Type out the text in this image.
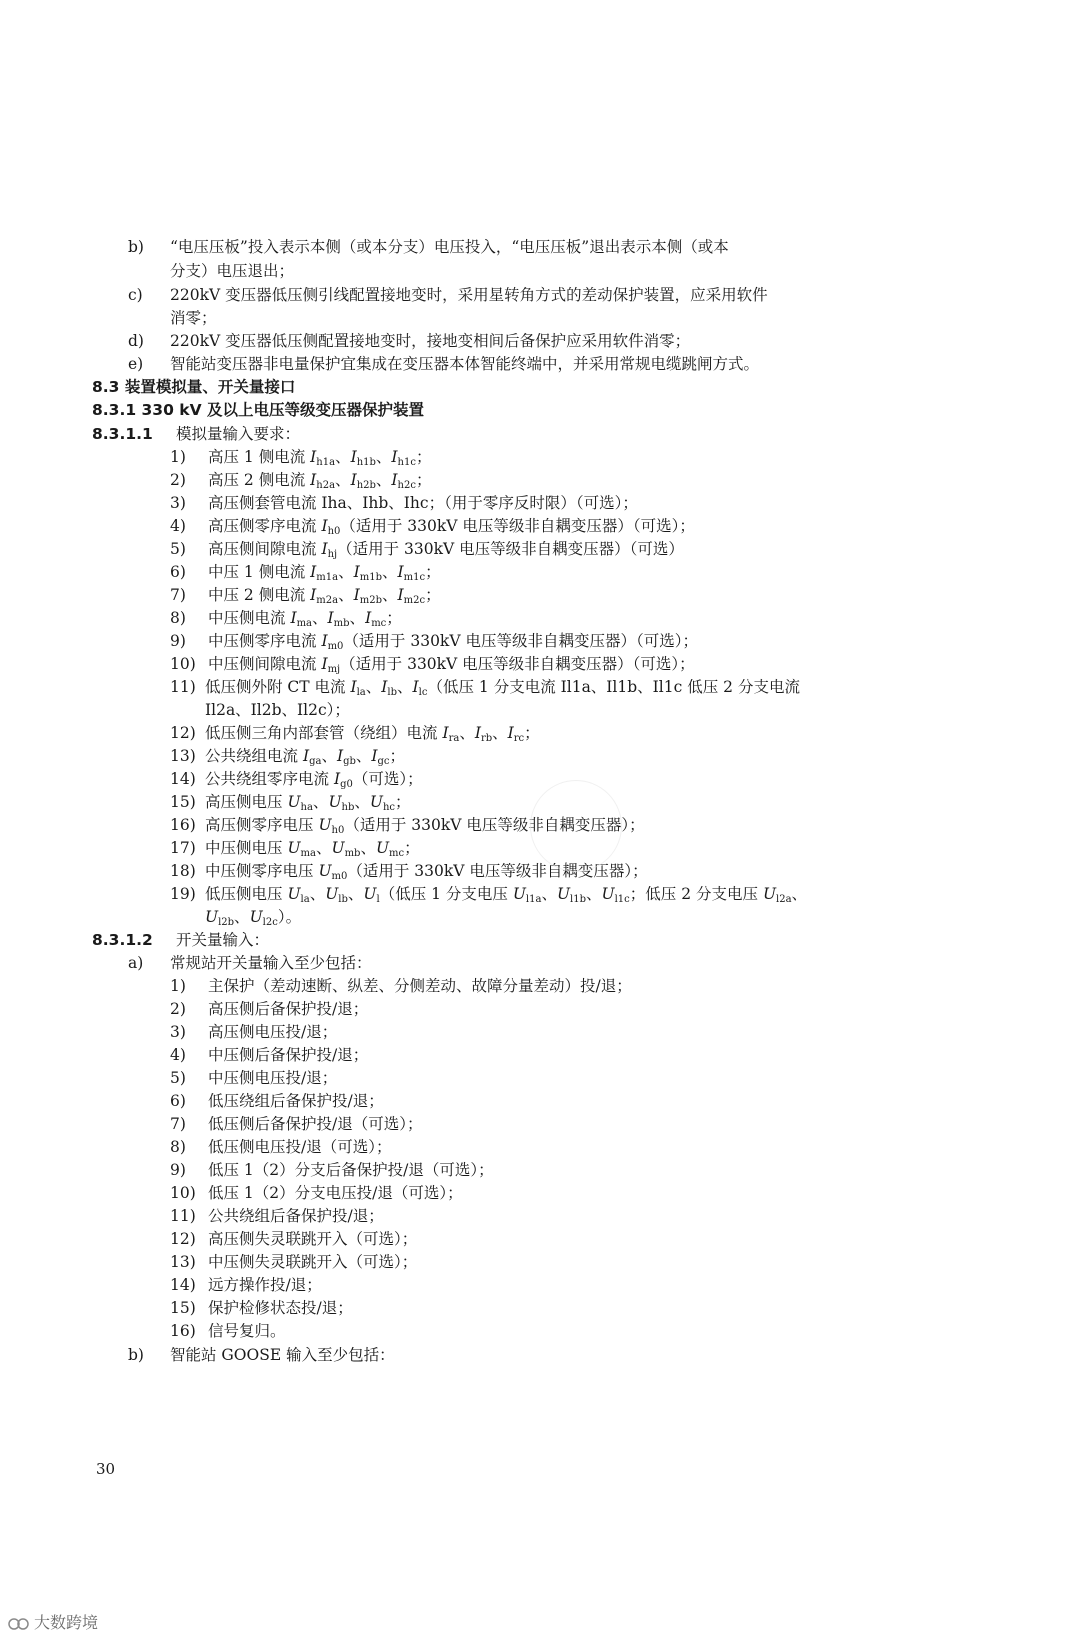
b) “电压压板”投入表示本侧（或本分支）电压投入，“电压压板”退出表示本侧（或本
分支）电压退出；
c) 220kV 变压器低压侧引线配置接地变时，采用星转角方式的差动保护装置，应采用软件
消零；
d) 220kV 变压器低压侧配置接地变时，接地变相间后备保护应采用软件消零；
e) 智能站变压器非电量保护宜集成在变压器本体智能终端中，并采用常规电缆跳闸方式。
8.3 装置模拟量、开关量接口
8.3.1 330 kV 及以上电压等级变压器保护装置
8.3.1.1 模拟量输入要求：
1) 高压 1 侧电流 $I_{h1a}$、$I_{h1b}$、$I_{h1c}$；
2) 高压 2 侧电流 $I_{h2a}$、$I_{h2b}$、$I_{h2c}$；
3) 高压侧套管电流 Iha、Ihb、Ihc；（用于零序反时限）（可选）；
4) 高压侧零序电流 $I_{h0}$（适用于 330kV 电压等级非自耦变压器）（可选）；
5) 高压侧间隙电流 $I_{hj}$（适用于 330kV 电压等级非自耦变压器）（可选）
6) 中压 1 侧电流 $I_{m1a}$、$I_{m1b}$、$I_{m1c}$；
7) 中压 2 侧电流 $I_{m2a}$、$I_{m2b}$、$I_{m2c}$；
8) 中压侧电流 $I_{ma}$、$I_{mb}$、$I_{mc}$；
9) 中压侧零序电流 $I_{m0}$（适用于 330kV 电压等级非自耦变压器）（可选）；
10) 中压侧间隙电流 $I_{mj}$（适用于 330kV 电压等级非自耦变压器）（可选）；
11) 低压侧外附 CT 电流 $I_{la}$、$I_{lb}$、$I_{lc}$（低压 1 分支电流 Il1a、Il1b、Il1c 低压 2 分支电流
Il2a、Il2b、Il2c）；
12) 低压侧三角内部套管（绕组）电流 $I_{ra}$、$I_{rb}$、$I_{rc}$；
13) 公共绕组电流 $I_{ga}$、$I_{gb}$、$I_{gc}$；
14) 公共绕组零序电流 $I_{g0}$（可选）；
15) 高压侧电压 $U_{ha}$、$U_{hb}$、$U_{hc}$；
16) 高压侧零序电压 $U_{h0}$（适用于 330kV 电压等级非自耦变压器）；
17) 中压侧电压 $U_{ma}$、$U_{mb}$、$U_{mc}$；
18) 中压侧零序电压 $U_{m0}$（适用于 330kV 电压等级非自耦变压器）；
19) 低压侧电压 $U_{la}$、$U_{lb}$、$U_l$（低压 1 分支电压 $U_{l1a}$、$U_{l1b}$、$U_{l1c}$；低压 2 分支电压 $U_{l2a}$、
$U_{l2b}$、$U_{l2c}$）。
8.3.1.2 开关量输入：
a) 常规站开关量输入至少包括：
1) 主保护（差动速断、纵差、分侧差动、故障分量差动）投/退；
2) 高压侧后备保护投/退；
3) 高压侧电压投/退；
4) 中压侧后备保护投/退；
5) 中压侧电压投/退；
6) 低压绕组后备保护投/退；
7) 低压侧后备保护投/退（可选）；
8) 低压侧电压投/退（可选）；
9) 低压 1（2）分支后备保护投/退（可选）；
10) 低压 1（2）分支电压投/退（可选）；
11) 公共绕组后备保护投/退；
12) 高压侧失灵联跳开入（可选）；
13) 中压侧失灵联跳开入（可选）；
14) 远方操作投/退；
15) 保护检修状态投/退；
16) 信号复归。
b) 智能站 GOOSE 输入至少包括：
30
大数跨境
